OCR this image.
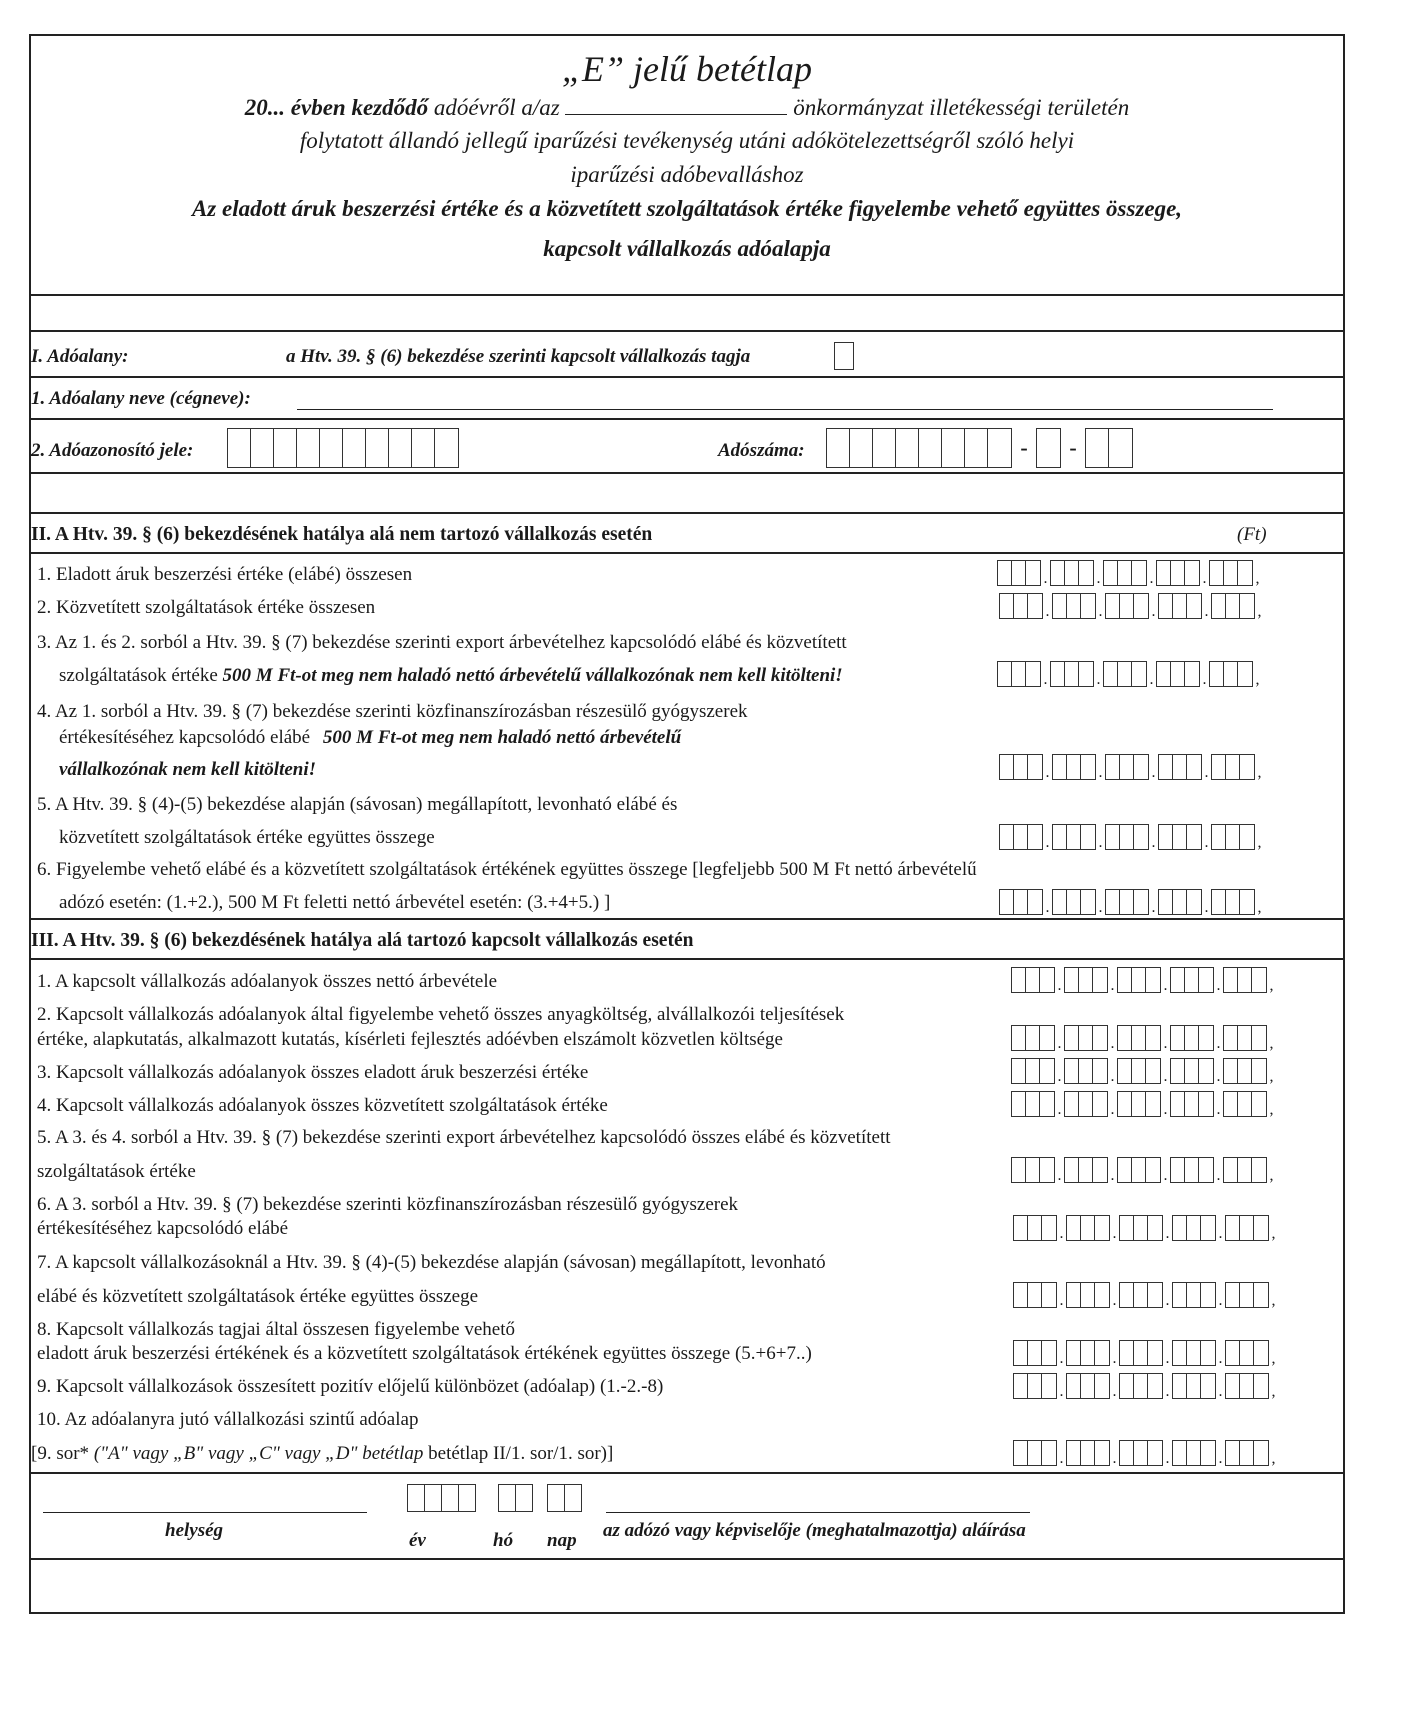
„E” jelű betétlap
20... évben kezdődő adóévről a/az	önkormányzat illetékességi területén
folytatott állandó jellegű iparűzési tevékenység utáni adókötelezettségről szóló helyi
iparűzési adóbevalláshoz
Az eladott áruk beszerzési értéke és a közvetített szolgáltatások értéke figyelembe vehető együttes összege,
kapcsolt vállalkozás adóalapja
I. Adóalany:	a Htv. 39. § (6) bekezdése szerinti kapcsolt vállalkozás tagja
1. Adóalany neve (cégneve):
2. Adóazonosító jele:	Adószáma:	-	-
II. A Htv. 39. § (6) bekezdésének hatálya alá nem tartozó vállalkozás esetén	(Ft)
1. Eladott áruk beszerzési értéke (elábé) összesen	.	.	.	.	,
2. Közvetített szolgáltatások értéke összesen	.	.	.	.	,
3. Az 1. és 2. sorból a Htv. 39. § (7) bekezdése szerinti export árbevételhez kapcsolódó elábé és közvetített
szolgáltatások értéke 500 M Ft-ot meg nem haladó nettó árbevételű vállalkozónak nem kell kitölteni!	.	.	.	.	,
4. Az 1. sorból a Htv. 39. § (7) bekezdése szerinti közfinanszírozásban részesülő gyógyszerek
értékesítéséhez kapcsolódó elábé 500 M Ft-ot meg nem haladó nettó árbevételű
vállalkozónak nem kell kitölteni!	.	.	.	.	,
5. A Htv. 39. § (4)-(5) bekezdése alapján (sávosan) megállapított, levonható elábé és
közvetített szolgáltatások értéke együttes összege	.	.	.	.	,
6. Figyelembe vehető elábé és a közvetített szolgáltatások értékének együttes összege [legfeljebb 500 M Ft nettó árbevételű
adózó esetén: (1.+2.), 500 M Ft feletti nettó árbevétel esetén: (3.+4+5.) ]	.	.	.	.	,
III. A Htv. 39. § (6) bekezdésének hatálya alá tartozó kapcsolt vállalkozás esetén
1. A kapcsolt vállalkozás adóalanyok összes nettó árbevétele	.	.	.	.	,
2. Kapcsolt vállalkozás adóalanyok által figyelembe vehető összes anyagköltség, alvállalkozói teljesítések
értéke, alapkutatás, alkalmazott kutatás, kísérleti fejlesztés adóévben elszámolt közvetlen költsége	.	.	.	.	,
3. Kapcsolt vállalkozás adóalanyok összes eladott áruk beszerzési értéke	.	.	.	.	,
4. Kapcsolt vállalkozás adóalanyok összes közvetített szolgáltatások értéke	.	.	.	.	,
5. A 3. és 4. sorból a Htv. 39. § (7) bekezdése szerinti export árbevételhez kapcsolódó összes elábé és közvetített
szolgáltatások értéke	.	.	.	.	,
6. A 3. sorból a Htv. 39. § (7) bekezdése szerinti közfinanszírozásban részesülő gyógyszerek
értékesítéséhez kapcsolódó elábé	.	.	.	.	,
7. A kapcsolt vállalkozásoknál a Htv. 39. § (4)-(5) bekezdése alapján (sávosan) megállapított, levonható
elábé és közvetített szolgáltatások értéke együttes összege	.	.	.	.	,
8. Kapcsolt vállalkozás tagjai által összesen figyelembe vehető
eladott áruk beszerzési értékének és a közvetített szolgáltatások értékének együttes összege (5.+6+7..)	.	.	.	.	,
9. Kapcsolt vállalkozások összesített pozitív előjelű különbözet (adóalap) (1.-2.-8)	.	.	.	.	,
10. Az adóalanyra jutó vállalkozási szintű adóalap
[9. sor* ("A" vagy „B" vagy „C" vagy „D" betétlap betétlap II/1. sor/1. sor)]	.	.	.	.	,
helység	év	hó nap az adózó vagy képviselője (meghatalmazottja) aláírása
